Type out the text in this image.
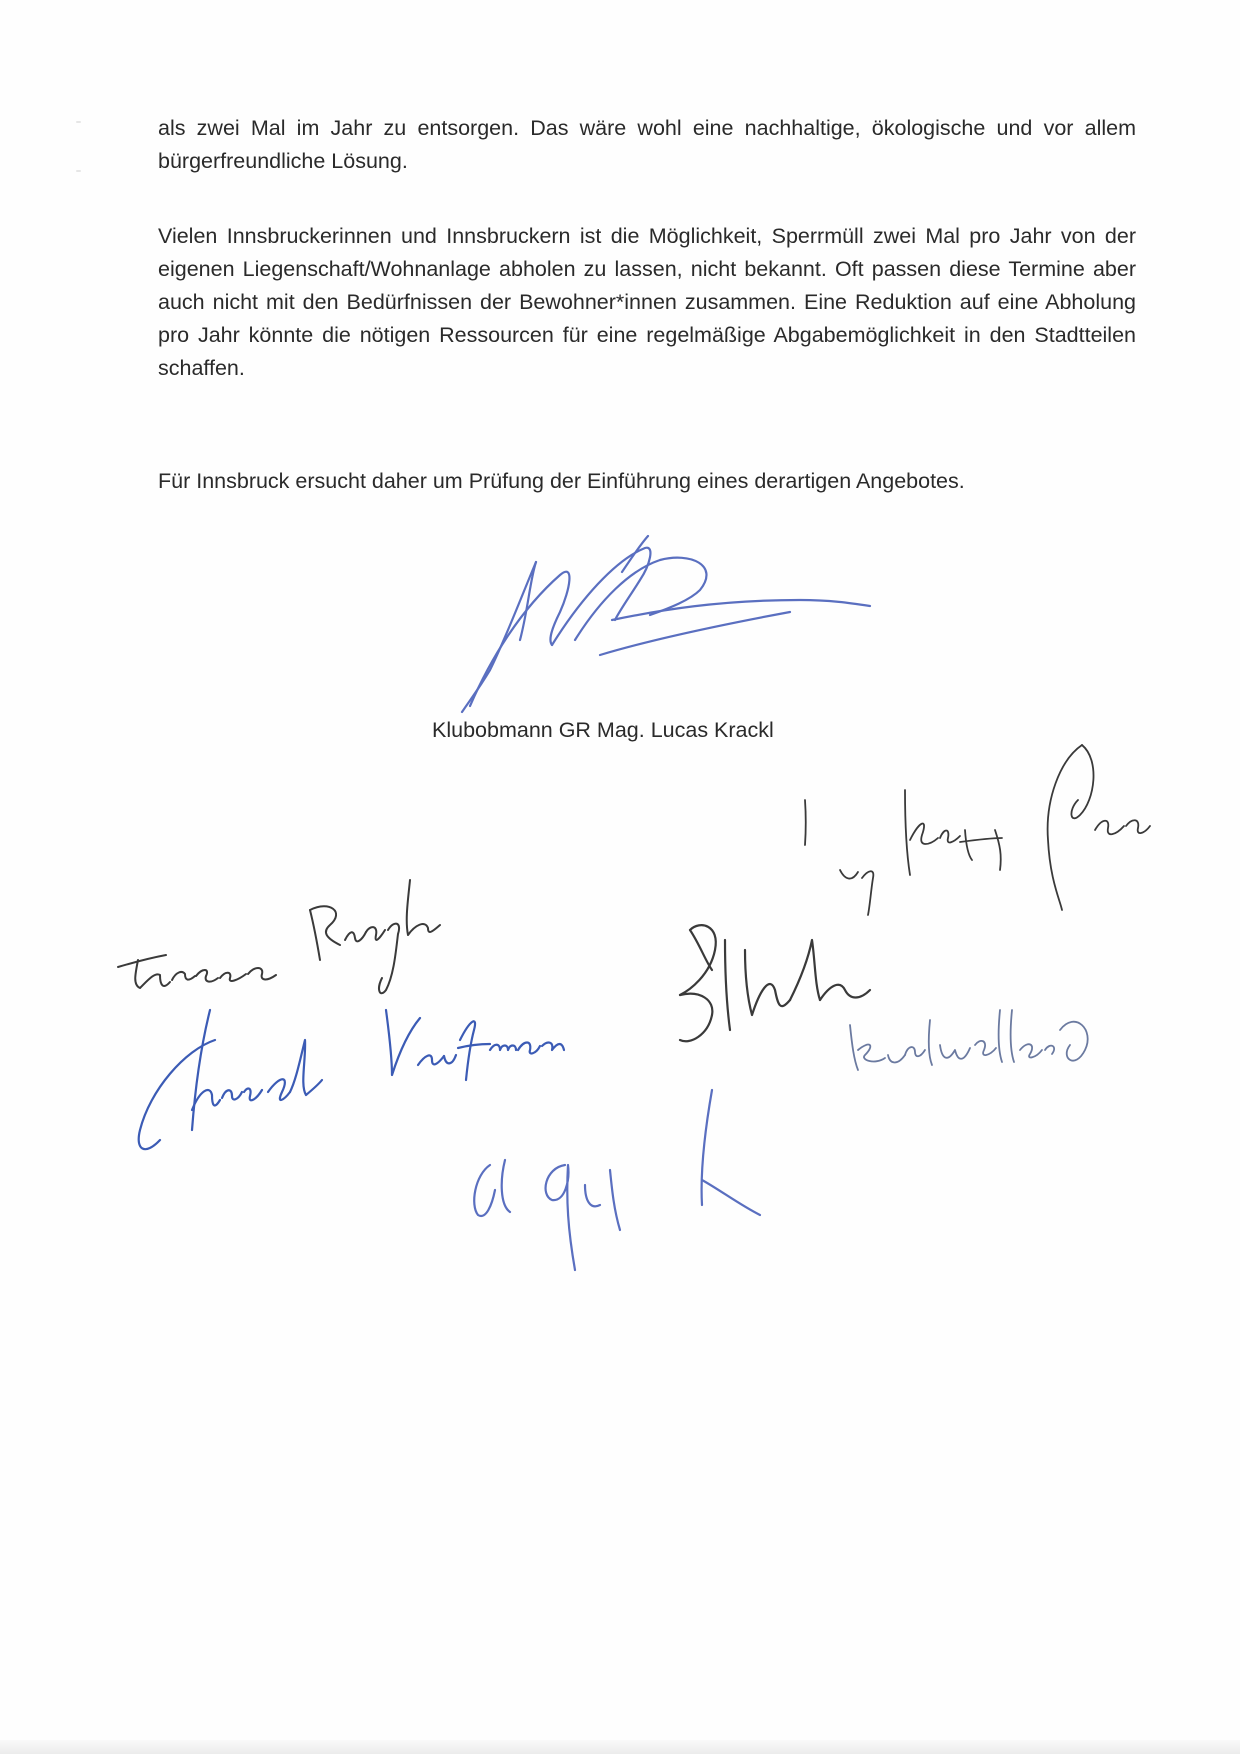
als zwei Mal im Jahr zu entsorgen. Das wäre wohl eine nachhaltige, ökologische und vor allem bürgerfreundliche Lösung.

Vielen Innsbruckerinnen und Innsbruckern ist die Möglichkeit, Sperrmüll zwei Mal pro Jahr von der eigenen Liegenschaft/Wohnanlage abholen zu lassen, nicht bekannt. Oft passen diese Termine aber auch nicht mit den Bedürfnissen der Bewohner*innen zusammen. Eine Reduktion auf eine Abholung pro Jahr könnte die nötigen Ressourcen für eine regelmäßige Abgabemöglichkeit in den Stadtteilen schaffen.

Für Innsbruck ersucht daher um Prüfung der Einführung eines derartigen Angebotes.

Klubobmann GR Mag. Lucas Krackl
